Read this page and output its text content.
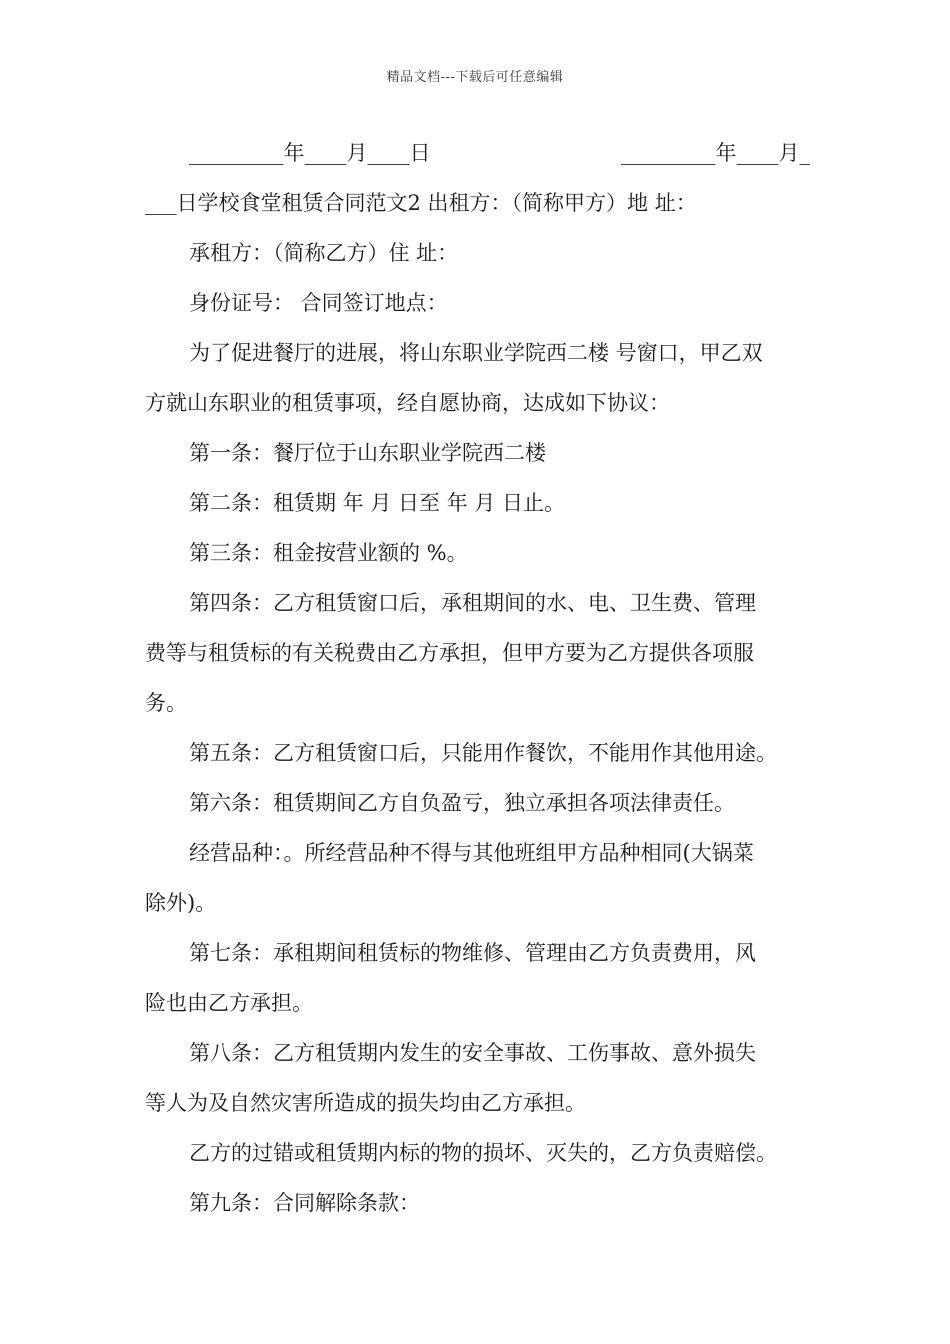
精品文档---下载后可任意编辑
_________年____月____日	_________年____月_
___日学校食堂租赁合同范文2 出租方：（简称甲方）地 址：
承租方：（简称乙方）住 址：
身份证号： 合同签订地点：
为了促进餐厅的进展，将山东职业学院西二楼 号窗口，甲乙双
方就山东职业的租赁事项，经自愿协商，达成如下协议：
第一条：餐厅位于山东职业学院西二楼
第二条：租赁期 年 月 日至 年 月 日止。
第三条：租金按营业额的 %。
第四条：乙方租赁窗口后，承租期间的水、电、卫生费、管理
费等与租赁标的有关税费由乙方承担，但甲方要为乙方提供各项服
务。
第五条：乙方租赁窗口后，只能用作餐饮，不能用作其他用途。
第六条：租赁期间乙方自负盈亏，独立承担各项法律责任。
经营品种：。所经营品种不得与其他班组甲方品种相同(大锅菜
除外)。
第七条：承租期间租赁标的物维修、管理由乙方负责费用，风
险也由乙方承担。
第八条：乙方租赁期内发生的安全事故、工伤事故、意外损失
等人为及自然灾害所造成的损失均由乙方承担。
乙方的过错或租赁期内标的物的损坏、灭失的，乙方负责赔偿。
第九条：合同解除条款：
